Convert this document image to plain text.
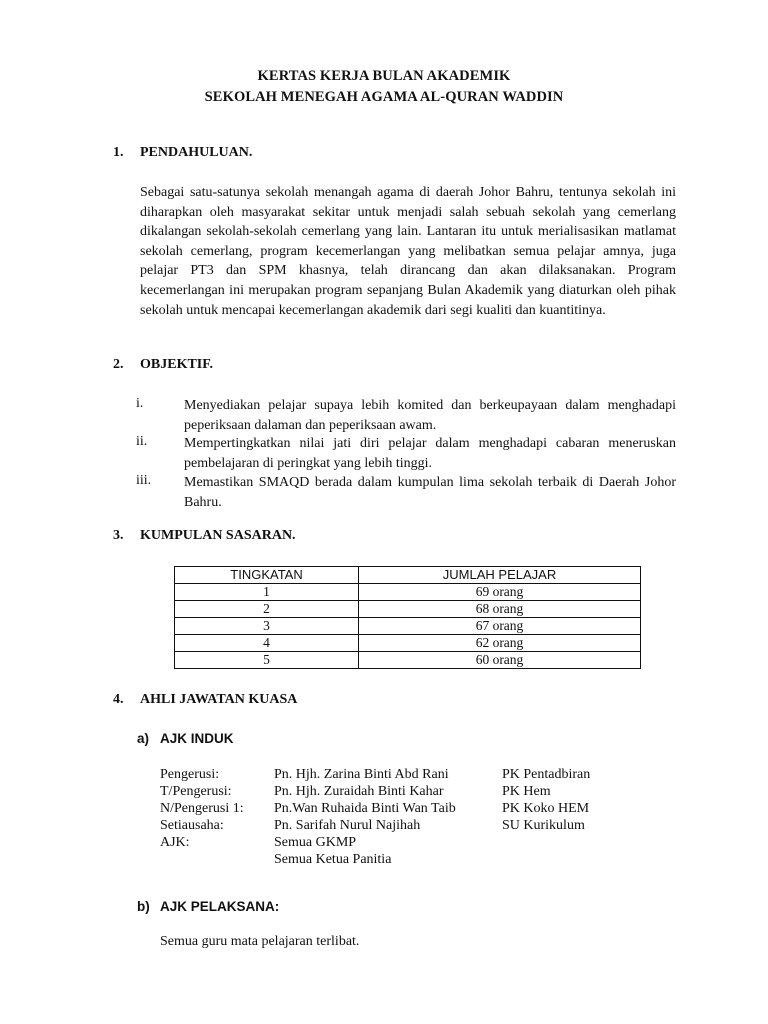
KERTAS KERJA BULAN AKADEMIK
SEKOLAH MENEGAH AGAMA AL-QURAN WADDIN
1. PENDAHULUAN.
Sebagai satu-satunya sekolah menangah agama di daerah Johor Bahru, tentunya sekolah ini diharapkan oleh masyarakat sekitar untuk menjadi salah sebuah sekolah yang cemerlang dikalangan sekolah-sekolah cemerlang yang lain. Lantaran itu untuk merialisasikan matlamat sekolah cemerlang, program kecemerlangan yang melibatkan semua pelajar amnya, juga pelajar PT3 dan SPM khasnya, telah dirancang dan akan dilaksanakan. Program kecemerlangan ini merupakan program sepanjang Bulan Akademik yang diaturkan oleh pihak sekolah untuk mencapai kecemerlangan akademik dari segi kualiti dan kuantitinya.
2. OBJEKTIF.
i.	Menyediakan pelajar supaya lebih komited dan berkeupayaan dalam menghadapi peperiksaan dalaman dan peperiksaan awam.
ii.	Mempertingkatkan nilai jati diri pelajar dalam menghadapi cabaran meneruskan pembelajaran di peringkat yang lebih tinggi.
iii. Memastikan SMAQD berada dalam kumpulan lima sekolah terbaik di Daerah Johor Bahru.
3. KUMPULAN SASARAN.
TINGKATAN	JUMLAH PELAJAR
1	69 orang
2	68 orang
3	67 orang
4	62 orang
5	60 orang
4. AHLI JAWATAN KUASA
a) AJK INDUK
Pengerusi:	Pn. Hjh. Zarina Binti Abd Rani	PK Pentadbiran
T/Pengerusi:	Pn. Hjh. Zuraidah Binti Kahar	PK Hem
N/Pengerusi 1: Pn.Wan Ruhaida Binti Wan Taib	PK Koko HEM
Setiausaha:	Pn. Sarifah Nurul Najihah	SU Kurikulum
AJK:	Semua GKMP
Semua Ketua Panitia
b) AJK PELAKSANA:
Semua guru mata pelajaran terlibat.
